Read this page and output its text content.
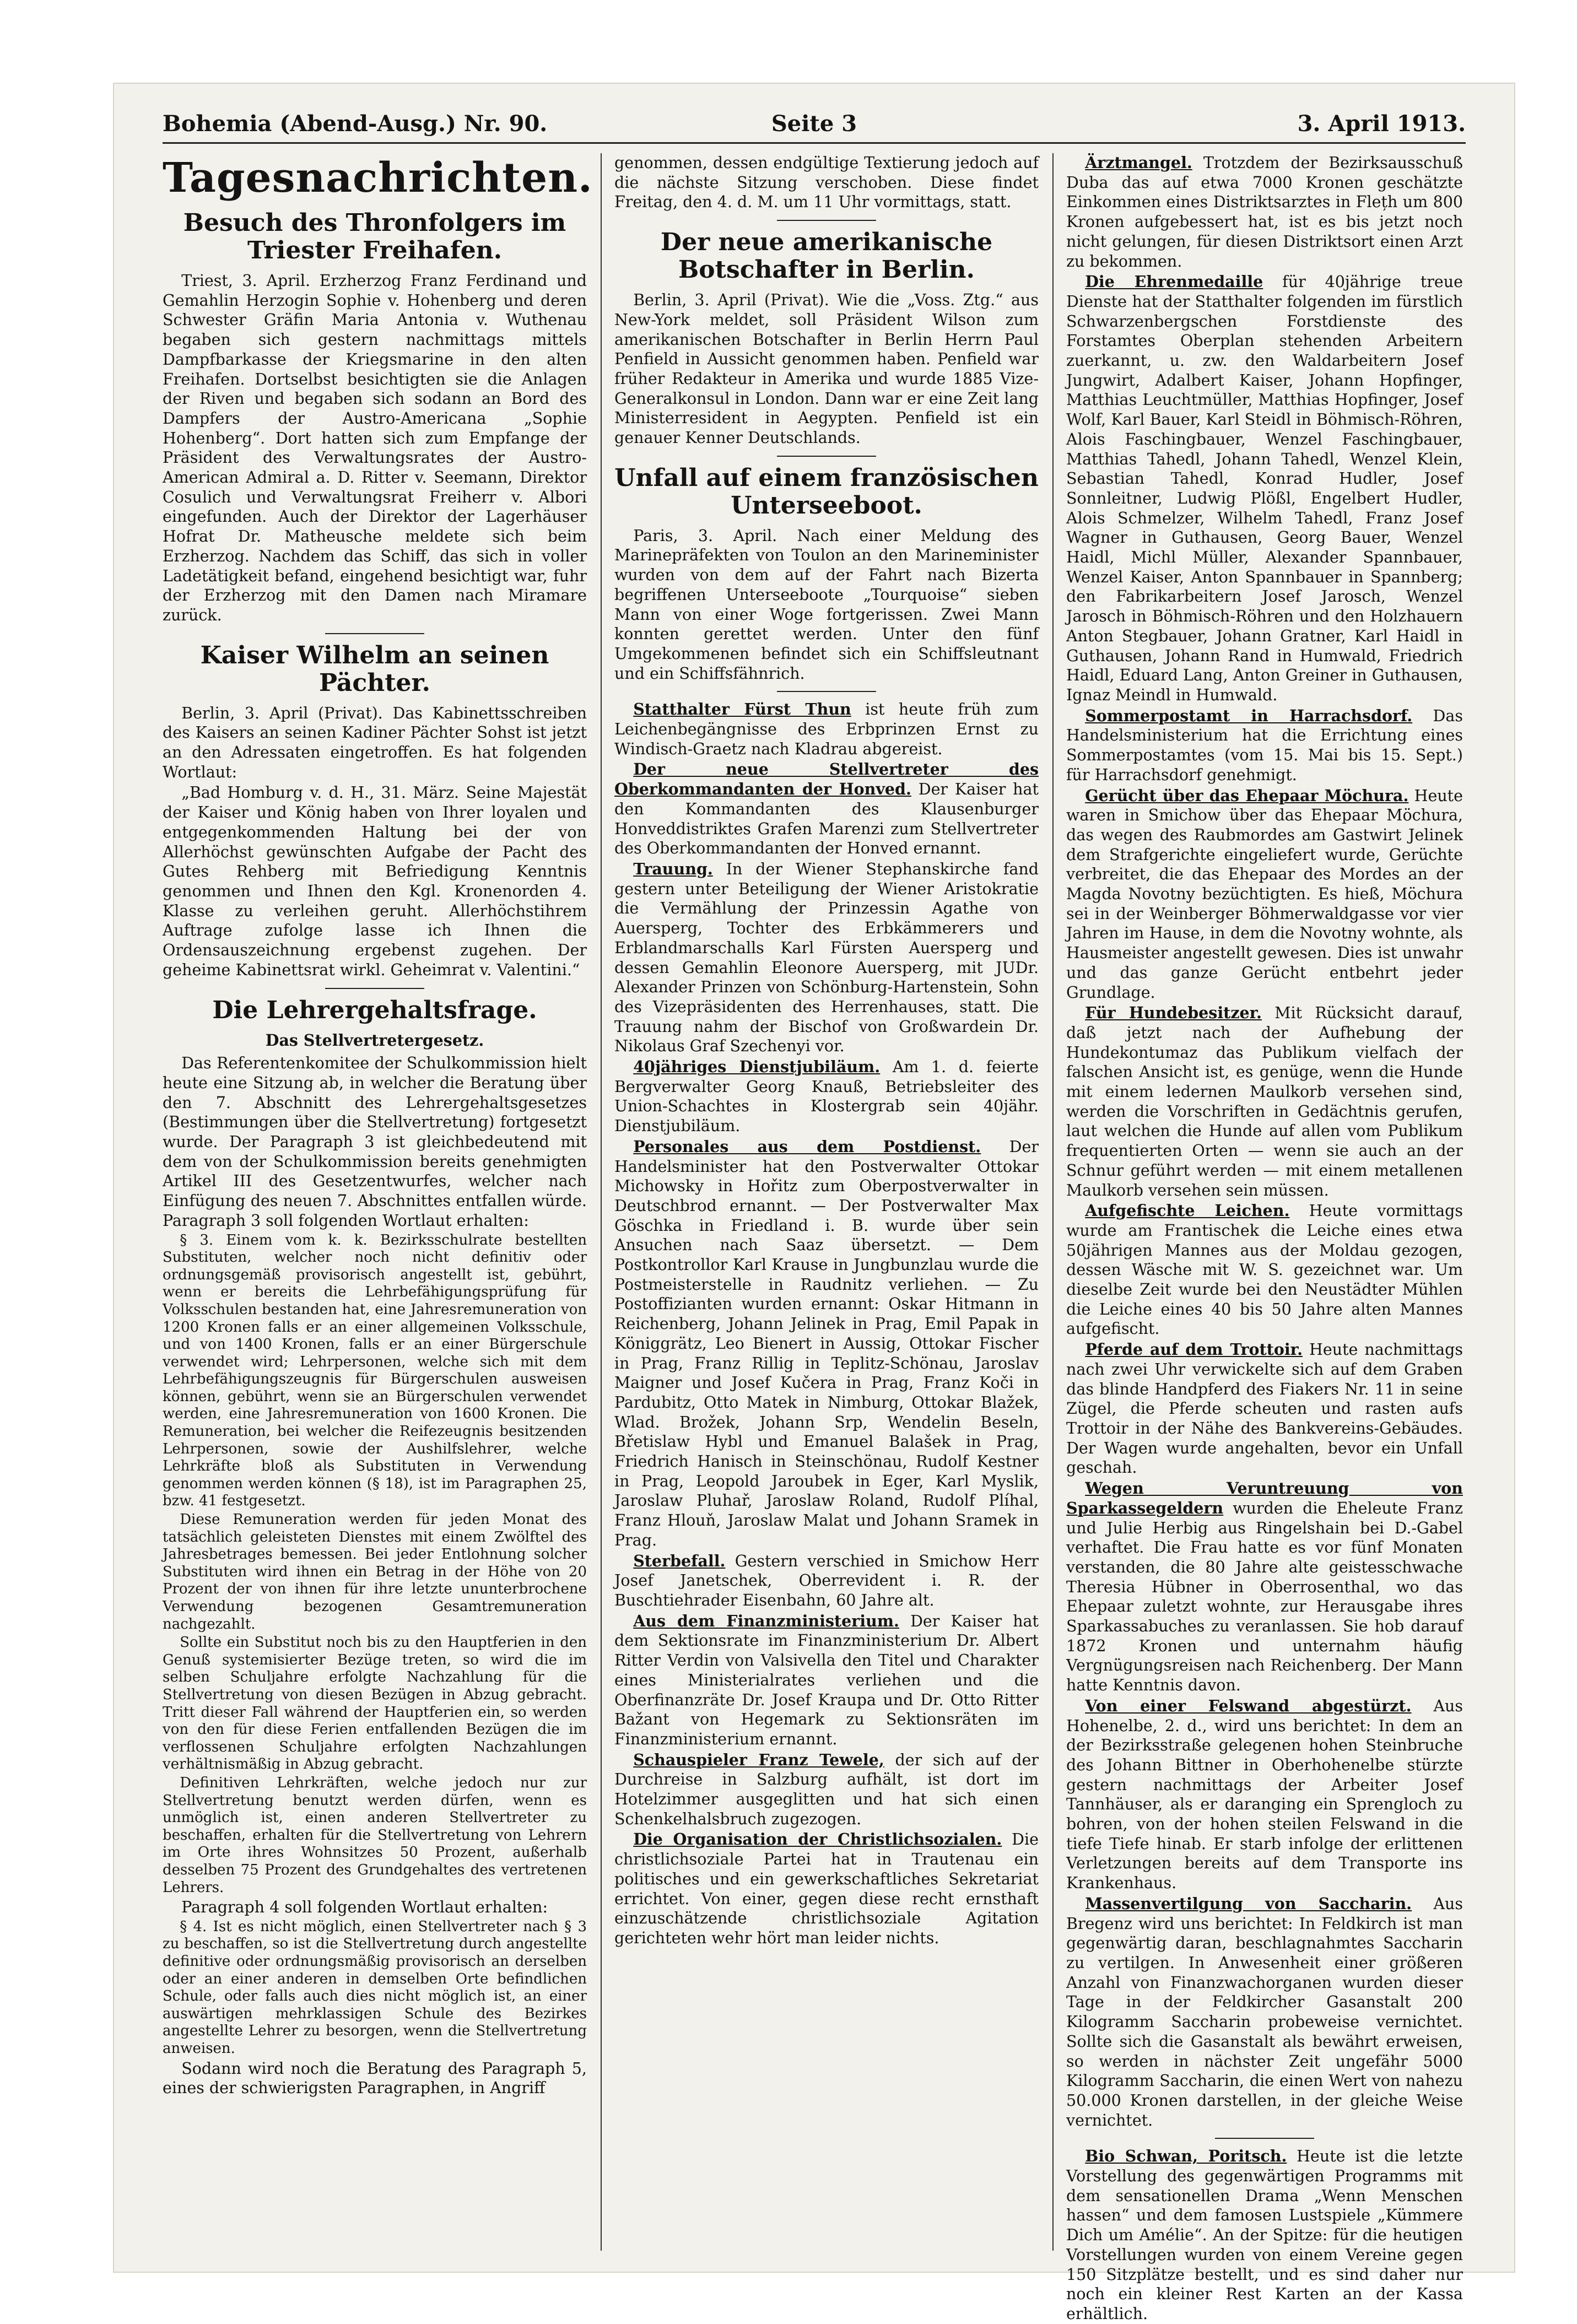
Bohemia (Abend-Ausg.) Nr. 90.	Seite 3	3. April 1913.
Tagesnachrichten.
Besuch des Thronfolgers im Triester Freihafen.

Triest, 3. April. Erzherzog Franz Ferdinand und Gemahlin Herzogin Sophie v. Hohenberg und deren Schwester Gräfin Maria Antonia v. Wuthenau begaben sich gestern nachmittags mittels Dampfbarkasse der Kriegsmarine in den alten Freihafen. Dortselbst besichtigten sie die Anlagen der Riven und begaben sich sodann an Bord des Dampfers der Austro-Americana „Sophie Hohenberg“. Dort hatten sich zum Empfange der Präsident des Verwaltungsrates der Austro-American Admiral a. D. Ritter v. Seemann, Direktor Cosulich und Verwaltungsrat Freiherr v. Albori eingefunden. Auch der Direktor der Lagerhäuser Hofrat Dr. Matheusche meldete sich beim Erzherzog. Nachdem das Schiff, das sich in voller Ladetätigkeit befand, eingehend besichtigt war, fuhr der Erzherzog mit den Damen nach Miramare zurück.

Kaiser Wilhelm an seinen Pächter.

Berlin, 3. April (Privat). Das Kabinettsschreiben des Kaisers an seinen Kadiner Pächter Sohst ist jetzt an den Adressaten eingetroffen. Es hat folgenden Wortlaut:

„Bad Homburg v. d. H., 31. März. Seine Majestät der Kaiser und König haben von Ihrer loyalen und entgegenkommenden Haltung bei der von Allerhöchst gewünschten Aufgabe der Pacht des Gutes Rehberg mit Befriedigung Kenntnis genommen und Ihnen den Kgl. Kronenorden 4. Klasse zu verleihen geruht. Allerhöchstihrem Auftrage zufolge lasse ich Ihnen die Ordensauszeichnung ergebenst zugehen. Der geheime Kabinettsrat wirkl. Geheimrat v. Valentini.“

Die Lehrergehaltsfrage.
Das Stellvertretergesetz.

Das Referentenkomitee der Schulkommission hielt heute eine Sitzung ab, in welcher die Beratung über den 7. Abschnitt des Lehrergehaltsgesetzes (Bestimmungen über die Stellvertretung) fortgesetzt wurde. Der Paragraph 3 ist gleichbedeutend mit dem von der Schulkommission bereits genehmigten Artikel III des Gesetzentwurfes, welcher nach Einfügung des neuen 7. Abschnittes entfallen würde. Paragraph 3 soll folgenden Wortlaut erhalten:

§ 3. Einem vom k. k. Bezirksschulrate bestellten Substituten, welcher noch nicht definitiv oder ordnungsgemäß provisorisch angestellt ist, gebührt, wenn er bereits die Lehrbefähigungsprüfung für Volksschulen bestanden hat, eine Jahresremuneration von 1200 Kronen falls er an einer allgemeinen Volksschule, und von 1400 Kronen, falls er an einer Bürgerschule verwendet wird; Lehrpersonen, welche sich mit dem Lehrbefähigungszeugnis für Bürgerschulen ausweisen können, gebührt, wenn sie an Bürgerschulen verwendet werden, eine Jahresremuneration von 1600 Kronen. Die Remuneration, bei welcher die Reifezeugnis besitzenden Lehrpersonen, sowie der Aushilfslehrer, welche Lehrkräfte bloß als Substituten in Verwendung genommen werden können (§ 18), ist im Paragraphen 25, bzw. 41 festgesetzt.

Diese Remuneration werden für jeden Monat des tatsächlich geleisteten Dienstes mit einem Zwölftel des Jahresbetrages bemessen. Bei jeder Entlohnung solcher Substituten wird ihnen ein Betrag in der Höhe von 20 Prozent der von ihnen für ihre letzte ununterbrochene Verwendung bezogenen Gesamtremuneration nachgezahlt.

Sollte ein Substitut noch bis zu den Hauptferien in den Genuß systemisierter Bezüge treten, so wird die im selben Schuljahre erfolgte Nachzahlung für die Stellvertretung von diesen Bezügen in Abzug gebracht. Tritt dieser Fall während der Hauptferien ein, so werden von den für diese Ferien entfallenden Bezügen die im verflossenen Schuljahre erfolgten Nachzahlungen verhältnismäßig in Abzug gebracht.

Definitiven Lehrkräften, welche jedoch nur zur Stellvertretung benutzt werden dürfen, wenn es unmöglich ist, einen anderen Stellvertreter zu beschaffen, erhalten für die Stellvertretung von Lehrern im Orte ihres Wohnsitzes 50 Prozent, außerhalb desselben 75 Prozent des Grundgehaltes des vertretenen Lehrers.

Paragraph 4 soll folgenden Wortlaut erhalten:

§ 4. Ist es nicht möglich, einen Stellvertreter nach § 3 zu beschaffen, so ist die Stellvertretung durch angestellte definitive oder ordnungsmäßig provisorisch an derselben oder an einer anderen in demselben Orte befindlichen Schule, oder falls auch dies nicht möglich ist, an einer auswärtigen mehrklassigen Schule des Bezirkes angestellte Lehrer zu besorgen, wenn die Stellvertretung anweisen.

Sodann wird noch die Beratung des Paragraph 5, eines der schwierigsten Paragraphen, in Angriff

genommen, dessen endgültige Textierung jedoch auf die nächste Sitzung verschoben. Diese findet Freitag, den 4. d. M. um 11 Uhr vormittags, statt.

Der neue amerikanische Botschafter in Berlin.

Berlin, 3. April (Privat). Wie die „Voss. Ztg.“ aus New-York meldet, soll Präsident Wilson zum amerikanischen Botschafter in Berlin Herrn Paul Penfield in Aussicht genommen haben. Penfield war früher Redakteur in Amerika und wurde 1885 Vize-Generalkonsul in London. Dann war er eine Zeit lang Ministerresident in Aegypten. Penfield ist ein genauer Kenner Deutschlands.

Unfall auf einem französischen Unterseeboot.

Paris, 3. April. Nach einer Meldung des Marinepräfekten von Toulon an den Marineminister wurden von dem auf der Fahrt nach Bizerta begriffenen Unterseeboote „Tourquoise“ sieben Mann von einer Woge fortgerissen. Zwei Mann konnten gerettet werden. Unter den fünf Umgekommenen befindet sich ein Schiffsleutnant und ein Schiffsfähnrich.

Statthalter Fürst Thun ist heute früh zum Leichenbegängnisse des Erbprinzen Ernst zu Windisch-Graetz nach Kladrau abgereist.

Der neue Stellvertreter des Oberkommandanten der Honved. Der Kaiser hat den Kommandanten des Klausenburger Honveddistriktes Grafen Marenzi zum Stellvertreter des Oberkommandanten der Honved ernannt.

Trauung. In der Wiener Stephanskirche fand gestern unter Beteiligung der Wiener Aristokratie die Vermählung der Prinzessin Agathe von Auersperg, Tochter des Erbkämmerers und Erblandmarschalls Karl Fürsten Auersperg und dessen Gemahlin Eleonore Auersperg, mit JUDr. Alexander Prinzen von Schönburg-Hartenstein, Sohn des Vizepräsidenten des Herrenhauses, statt. Die Trauung nahm der Bischof von Großwardein Dr. Nikolaus Graf Szechenyi vor.

40jähriges Dienstjubiläum. Am 1. d. feierte Bergverwalter Georg Knauß, Betriebsleiter des Union-Schachtes in Klostergrab sein 40jähr. Dienstjubiläum.

Personales aus dem Postdienst. Der Handelsminister hat den Postverwalter Ottokar Michowsky in Hořitz zum Oberpostverwalter in Deutschbrod ernannt. — Der Postverwalter Max Göschka in Friedland i. B. wurde über sein Ansuchen nach Saaz übersetzt. — Dem Postkontrollor Karl Krause in Jungbunzlau wurde die Postmeisterstelle in Raudnitz verliehen. — Zu Postoffizianten wurden ernannt: Oskar Hitmann in Reichenberg, Johann Jelinek in Prag, Emil Papak in Königgrätz, Leo Bienert in Aussig, Ottokar Fischer in Prag, Franz Rillig in Teplitz-Schönau, Jaroslav Maigner und Josef Kučera in Prag, Franz Koči in Pardubitz, Otto Matek in Nimburg, Ottokar Blažek, Wlad. Brožek, Johann Srp, Wendelin Beseln, Břetislaw Hybl und Emanuel Balašek in Prag, Friedrich Hanisch in Steinschönau, Rudolf Kestner in Prag, Leopold Jaroubek in Eger, Karl Myslik, Jaroslaw Pluhař, Jaroslaw Roland, Rudolf Plíhal, Franz Hlouň, Jaroslaw Malat und Johann Sramek in Prag.

Sterbefall. Gestern verschied in Smichow Herr Josef Janetschek, Oberrevident i. R. der Buschtiehrader Eisenbahn, 60 Jahre alt.

Aus dem Finanzministerium. Der Kaiser hat dem Sektionsrate im Finanzministerium Dr. Albert Ritter Verdin von Valsivella den Titel und Charakter eines Ministerialrates verliehen und die Oberfinanzräte Dr. Josef Kraupa und Dr. Otto Ritter Bažant von Hegemark zu Sektionsräten im Finanzministerium ernannt.

Schauspieler Franz Tewele, der sich auf der Durchreise in Salzburg aufhält, ist dort im Hotelzimmer ausgeglitten und hat sich einen Schenkelhalsbruch zugezogen.

Die Organisation der Christlichsozialen. Die christlichsoziale Partei hat in Trautenau ein politisches und ein gewerkschaftliches Sekretariat errichtet. Von einer, gegen diese recht ernsthaft einzuschätzende christlichsoziale Agitation gerichteten wehr hört man leider nichts.

Ärztmangel. Trotzdem der Bezirksausschuß Duba das auf etwa 7000 Kronen geschätzte Einkommen eines Distriktsarztes in Flețh um 800 Kronen aufgebessert hat, ist es bis jetzt noch nicht gelungen, für diesen Distriktsort einen Arzt zu bekommen.

Die Ehrenmedaille für 40jährige treue Dienste hat der Statthalter folgenden im fürstlich Schwarzenbergschen Forstdienste des Forstamtes Oberplan stehenden Arbeitern zuerkannt, u. zw. den Waldarbeitern Josef Jungwirt, Adalbert Kaiser, Johann Hopfinger, Matthias Leuchtmüller, Matthias Hopfinger, Josef Wolf, Karl Bauer, Karl Steidl in Böhmisch-Röhren, Alois Faschingbauer, Wenzel Faschingbauer, Matthias Tahedl, Johann Tahedl, Wenzel Klein, Sebastian Tahedl, Konrad Hudler, Josef Sonnleitner, Ludwig Plößl, Engelbert Hudler, Alois Schmelzer, Wilhelm Tahedl, Franz Josef Wagner in Guthausen, Georg Bauer, Wenzel Haidl, Michl Müller, Alexander Spannbauer, Wenzel Kaiser, Anton Spannbauer in Spannberg; den Fabrikarbeitern Josef Jarosch, Wenzel Jarosch in Böhmisch-Röhren und den Holzhauern Anton Stegbauer, Johann Gratner, Karl Haidl in Guthausen, Johann Rand in Humwald, Friedrich Haidl, Eduard Lang, Anton Greiner in Guthausen, Ignaz Meindl in Humwald.

Sommerpostamt in Harrachsdorf. Das Handelsministerium hat die Errichtung eines Sommerpostamtes (vom 15. Mai bis 15. Sept.) für Harrachsdorf genehmigt.

Gerücht über das Ehepaar Möchura. Heute waren in Smichow über das Ehepaar Möchura, das wegen des Raubmordes am Gastwirt Jelinek dem Strafgerichte eingeliefert wurde, Gerüchte verbreitet, die das Ehepaar des Mordes an der Magda Novotny bezüchtigten. Es hieß, Möchura sei in der Weinberger Böhmerwaldgasse vor vier Jahren im Hause, in dem die Novotny wohnte, als Hausmeister angestellt gewesen. Dies ist unwahr und das ganze Gerücht entbehrt jeder Grundlage.

Für Hundebesitzer. Mit Rücksicht darauf, daß jetzt nach der Aufhebung der Hundekontumaz das Publikum vielfach der falschen Ansicht ist, es genüge, wenn die Hunde mit einem ledernen Maulkorb versehen sind, werden die Vorschriften in Gedächtnis gerufen, laut welchen die Hunde auf allen vom Publikum frequentierten Orten — wenn sie auch an der Schnur geführt werden — mit einem metallenen Maulkorb versehen sein müssen.

Aufgefischte Leichen. Heute vormittags wurde am Frantischek die Leiche eines etwa 50jährigen Mannes aus der Moldau gezogen, dessen Wäsche mit W. S. gezeichnet war. Um dieselbe Zeit wurde bei den Neustädter Mühlen die Leiche eines 40 bis 50 Jahre alten Mannes aufgefischt.

Pferde auf dem Trottoir. Heute nachmittags nach zwei Uhr verwickelte sich auf dem Graben das blinde Handpferd des Fiakers Nr. 11 in seine Zügel, die Pferde scheuten und rasten aufs Trottoir in der Nähe des Bankvereins-Gebäudes. Der Wagen wurde angehalten, bevor ein Unfall geschah.

Wegen Veruntreuung von Sparkassegeldern wurden die Eheleute Franz und Julie Herbig aus Ringelshain bei D.-Gabel verhaftet. Die Frau hatte es vor fünf Monaten verstanden, die 80 Jahre alte geistesschwache Theresia Hübner in Oberrosenthal, wo das Ehepaar zuletzt wohnte, zur Herausgabe ihres Sparkassabuches zu veranlassen. Sie hob darauf 1872 Kronen und unternahm häufig Vergnügungsreisen nach Reichenberg. Der Mann hatte Kenntnis davon.

Von einer Felswand abgestürzt. Aus Hohenelbe, 2. d., wird uns berichtet: In dem an der Bezirksstraße gelegenen hohen Steinbruche des Johann Bittner in Oberhohenelbe stürzte gestern nachmittags der Arbeiter Josef Tannhäuser, als er daranging ein Sprengloch zu bohren, von der hohen steilen Felswand in die tiefe Tiefe hinab. Er starb infolge der erlittenen Verletzungen bereits auf dem Transporte ins Krankenhaus.

Massenvertilgung von Saccharin. Aus Bregenz wird uns berichtet: In Feldkirch ist man gegenwärtig daran, beschlagnahmtes Saccharin zu vertilgen. In Anwesenheit einer größeren Anzahl von Finanzwachorganen wurden dieser Tage in der Feldkircher Gasanstalt 200 Kilogramm Saccharin probeweise vernichtet. Sollte sich die Gasanstalt als bewährt erweisen, so werden in nächster Zeit ungefähr 5000 Kilogramm Saccharin, die einen Wert von nahezu 50.000 Kronen darstellen, in der gleiche Weise vernichtet.

Bio Schwan, Poritsch. Heute ist die letzte Vorstellung des gegenwärtigen Programms mit dem sensationellen Drama „Wenn Menschen hassen“ und dem famosen Lustspiele „Kümmere Dich um Amélie“. An der Spitze: für die heutigen Vorstellungen wurden von einem Vereine gegen 150 Sitzplätze bestellt, und es sind daher nur noch ein kleiner Rest Karten an der Kassa erhältlich.
